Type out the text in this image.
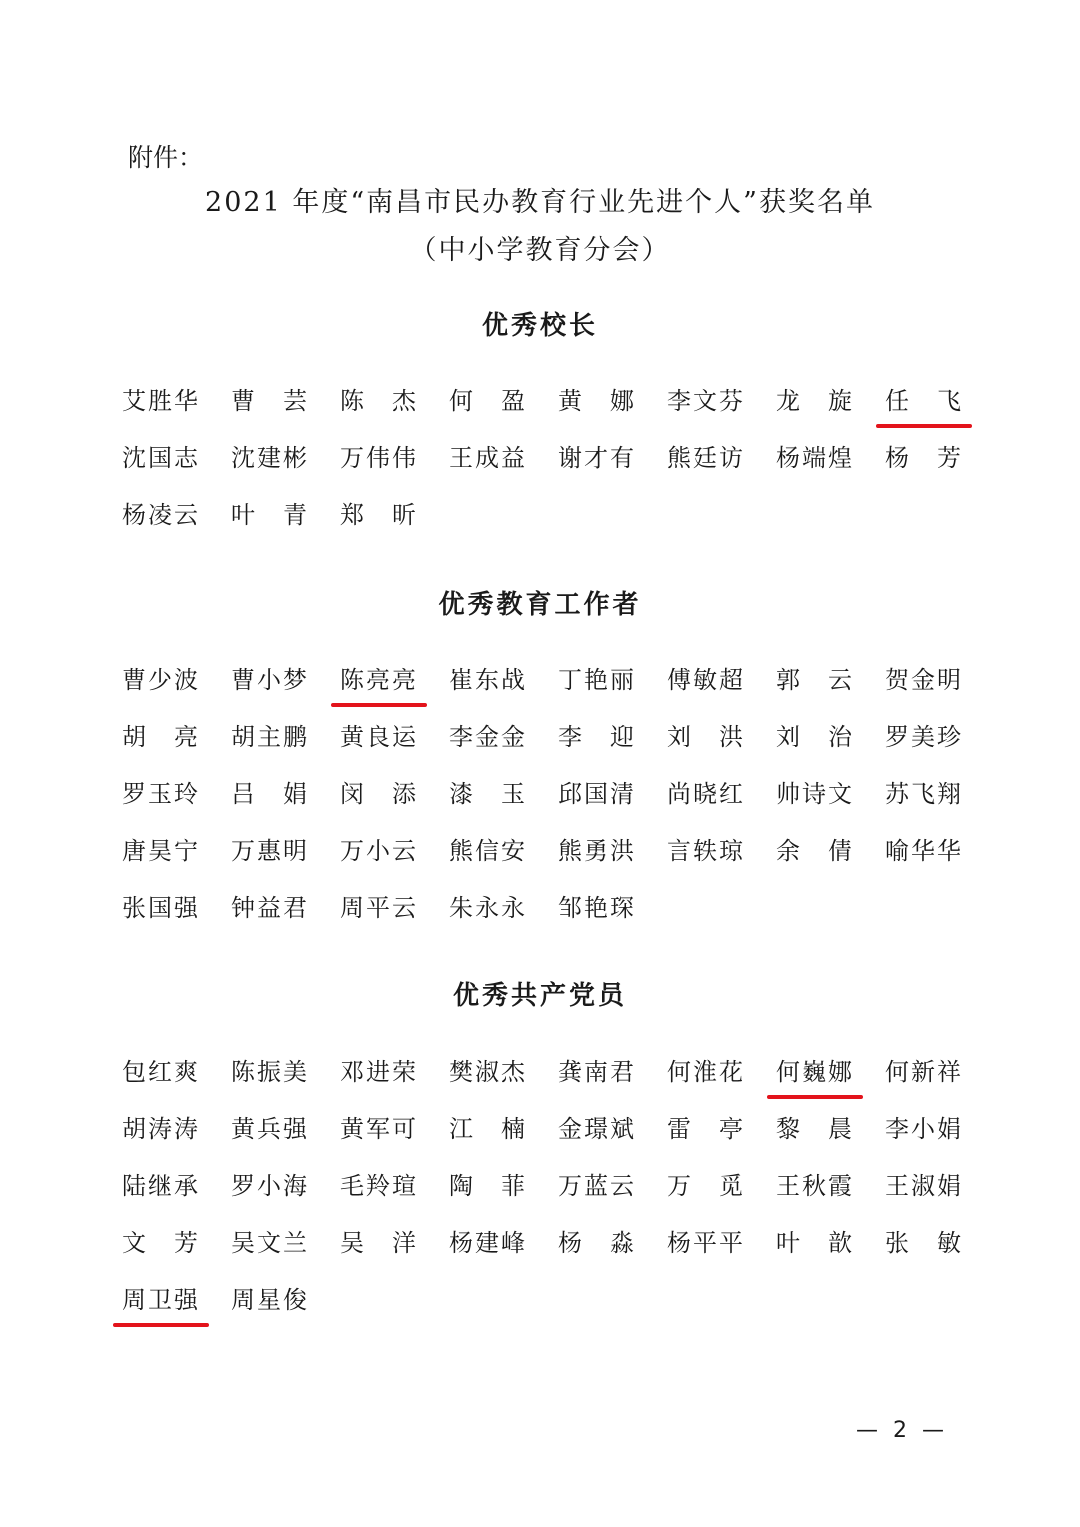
附件：
2021 年度“南昌市民办教育行业先进个人”获奖名单
（中小学教育分会）
优秀校长
艾胜华	曹　芸	陈　杰	何　盈	黄　娜	李文芬	龙　旋	任　飞
沈国志	沈建彬	万伟伟	王成益	谢才有	熊廷访	杨端煌	杨　芳
杨凌云	叶　青	郑　昕
优秀教育工作者
曹少波	曹小梦	陈亮亮	崔东战	丁艳丽	傅敏超	郭　云	贺金明
胡　亮	胡主鹏	黄良运	李金金	李　迎	刘　洪	刘　治	罗美珍
罗玉玲	吕　娟	闵　添	漆　玉	邱国清	尚晓红	帅诗文	苏飞翔
唐昊宁	万惠明	万小云	熊信安	熊勇洪	言轶琼	余　倩	喻华华
张国强	钟益君	周平云	朱永永	邹艳琛
优秀共产党员
包红爽	陈振美	邓进荣	樊淑杰	龚南君	何淮花	何巍娜	何新祥
胡涛涛	黄兵强	黄军可	江　楠	金璟斌	雷　亭	黎　晨	李小娟
陆继承	罗小海	毛羚瑄	陶　菲	万蓝云	万　觅	王秋霞	王淑娟
文　芳	吴文兰	吴　洋	杨建峰	杨　淼	杨平平	叶　歆	张　敏
周卫强	周星俊
— 2 —
